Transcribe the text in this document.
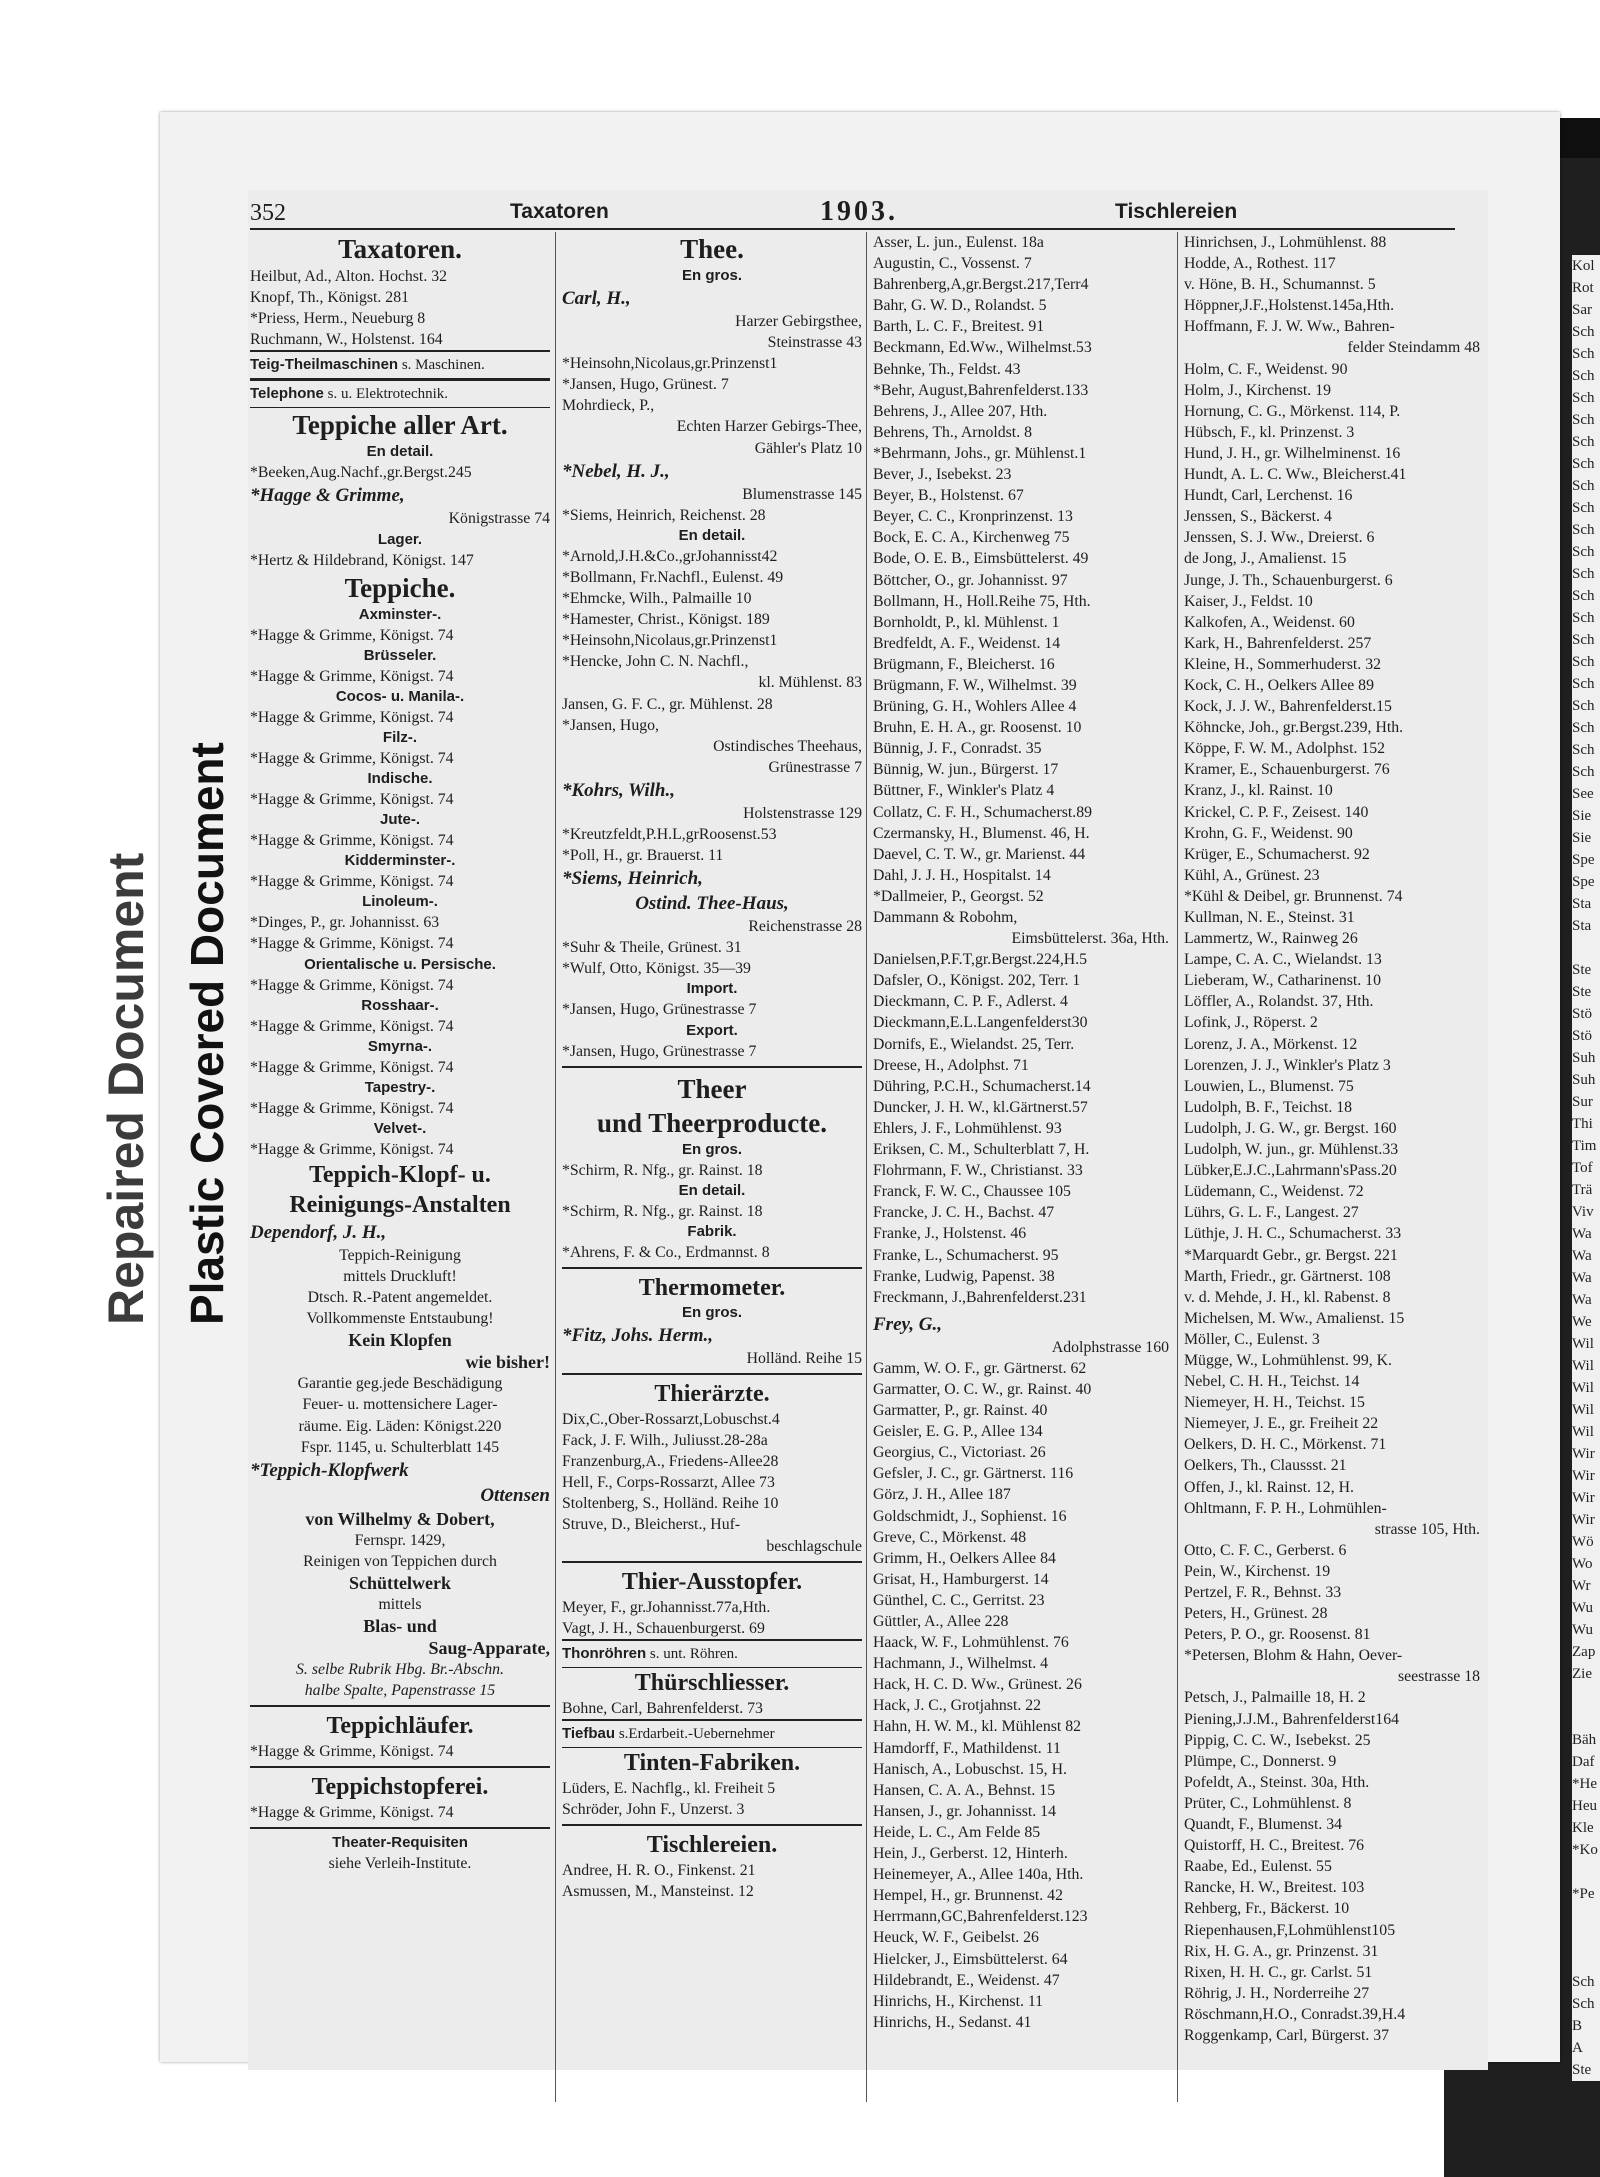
Repaired Document Plastic Covered Document
352	Taxatoren	1903.	Tischlereien
Taxatoren.
Heilbut, Ad., Alton. Hochst. 32
Knopf, Th., Königst. 281
*Priess, Herm., Neueburg 8
Ruchmann, W., Holstenst. 164
Teig-Theilmaschinen s. Maschinen.
Telephone s. u. Elektrotechnik.
Teppiche aller Art.
En detail.
*Beeken,Aug.Nachf.,gr.Bergst.245
*Hagge & Grimme,
Königstrasse 74
Lager.
*Hertz & Hildebrand, Königst. 147
Teppiche.
Axminster-.
*Hagge & Grimme, Königst. 74
Brüsseler.
*Hagge & Grimme, Königst. 74
Cocos- u. Manila-.
*Hagge & Grimme, Königst. 74
Filz-.
*Hagge & Grimme, Königst. 74
Indische.
*Hagge & Grimme, Königst. 74
Jute-.
*Hagge & Grimme, Königst. 74
Kidderminster-.
*Hagge & Grimme, Königst. 74
Linoleum-.
*Dinges, P., gr. Johannisst. 63
*Hagge & Grimme, Königst. 74
Orientalische u. Persische.
*Hagge & Grimme, Königst. 74
Rosshaar-.
*Hagge & Grimme, Königst. 74
Smyrna-.
*Hagge & Grimme, Königst. 74
Tapestry-.
*Hagge & Grimme, Königst. 74
Velvet-.
*Hagge & Grimme, Königst. 74
Teppich-Klopf- u.
Reinigungs-Anstalten
Dependorf, J. H.,
Teppich-Reinigung
mittels Druckluft!
Dtsch. R.-Patent angemeldet.
Vollkommenste Entstaubung!
Kein Klopfen
wie bisher!
Garantie geg.jede Beschädigung
Feuer- u. mottensichere Lager-
räume. Eig. Läden: Königst.220
Fspr. 1145, u. Schulterblatt 145
*Teppich-Klopfwerk
Ottensen
von Wilhelmy & Dobert,
Fernspr. 1429,
Reinigen von Teppichen durch
Schüttelwerk
mittels
Blas- und
Saug-Apparate,
S. selbe Rubrik Hbg. Br.-Abschn.
halbe Spalte, Papenstrasse 15
Teppichläufer.
*Hagge & Grimme, Königst. 74
Teppichstopferei.
*Hagge & Grimme, Königst. 74
Theater-Requisiten
siehe Verleih-Institute.
Thee.
En gros.
Carl, H.,
Harzer Gebirgsthee,
Steinstrasse 43
*Heinsohn,Nicolaus,gr.Prinzenst1
*Jansen, Hugo, Grünest. 7
Mohrdieck, P.,
Echten Harzer Gebirgs-Thee,
Gähler's Platz 10
*Nebel, H. J.,
Blumenstrasse 145
*Siems, Heinrich, Reichenst. 28
En detail.
*Arnold,J.H.&Co.,grJohannisst42
*Bollmann, Fr.Nachfl., Eulenst. 49
*Ehmcke, Wilh., Palmaille 10
*Hamester, Christ., Königst. 189
*Heinsohn,Nicolaus,gr.Prinzenst1
*Hencke, John C. N. Nachfl.,
kl. Mühlenst. 83
Jansen, G. F. C., gr. Mühlenst. 28
*Jansen, Hugo,
Ostindisches Theehaus,
Grünestrasse 7
*Kohrs, Wilh.,
Holstenstrasse 129
*Kreutzfeldt,P.H.L,grRoosenst.53
*Poll, H., gr. Brauerst. 11
*Siems, Heinrich,
Ostind. Thee-Haus,
Reichenstrasse 28
*Suhr & Theile, Grünest. 31
*Wulf, Otto, Königst. 35—39
Import.
*Jansen, Hugo, Grünestrasse 7
Export.
*Jansen, Hugo, Grünestrasse 7
Theer
und Theerproducte.
En gros.
*Schirm, R. Nfg., gr. Rainst. 18
En detail.
*Schirm, R. Nfg., gr. Rainst. 18
Fabrik.
*Ahrens, F. & Co., Erdmannst. 8
Thermometer.
En gros.
*Fitz, Johs. Herm.,
Holländ. Reihe 15
Thierärzte.
Dix,C.,Ober-Rossarzt,Lobuschst.4
Fack, J. F. Wilh., Juliusst.28-28a
Franzenburg,A., Friedens-Allee28
Hell, F., Corps-Rossarzt, Allee 73
Stoltenberg, S., Holländ. Reihe 10
Struve, D., Bleicherst., Huf-
beschlagschule
Thier-Ausstopfer.
Meyer, F., gr.Johannisst.77a,Hth.
Vagt, J. H., Schauenburgerst. 69
Thonröhren s. unt. Röhren.
Thürschliesser.
Bohne, Carl, Bahrenfelderst. 73
Tiefbau s.Erdarbeit.-Uebernehmer
Tinten-Fabriken.
Lüders, E. Nachflg., kl. Freiheit 5
Schröder, John F., Unzerst. 3
Tischlereien.
Andree, H. R. O., Finkenst. 21
Asmussen, M., Mansteinst. 12
Asser, L. jun., Eulenst. 18a
Augustin, C., Vossenst. 7
Bahrenberg,A,gr.Bergst.217,Terr4
Bahr, G. W. D., Rolandst. 5
Barth, L. C. F., Breitest. 91
Beckmann, Ed.Ww., Wilhelmst.53
Behnke, Th., Feldst. 43
*Behr, August,Bahrenfelderst.133
Behrens, J., Allee 207, Hth.
Behrens, Th., Arnoldst. 8
*Behrmann, Johs., gr. Mühlenst.1
Bever, J., Isebekst. 23
Beyer, B., Holstenst. 67
Beyer, C. C., Kronprinzenst. 13
Bock, E. C. A., Kirchenweg 75
Bode, O. E. B., Eimsbüttelerst. 49
Böttcher, O., gr. Johannisst. 97
Bollmann, H., Holl.Reihe 75, Hth.
Bornholdt, P., kl. Mühlenst. 1
Bredfeldt, A. F., Weidenst. 14
Brügmann, F., Bleicherst. 16
Brügmann, F. W., Wilhelmst. 39
Brüning, G. H., Wohlers Allee 4
Bruhn, E. H. A., gr. Roosenst. 10
Bünnig, J. F., Conradst. 35
Bünnig, W. jun., Bürgerst. 17
Büttner, F., Winkler's Platz 4
Collatz, C. F. H., Schumacherst.89
Czermansky, H., Blumenst. 46, H.
Daevel, C. T. W., gr. Marienst. 44
Dahl, J. J. H., Hospitalst. 14
*Dallmeier, P., Georgst. 52
Dammann & Robohm,
Eimsbüttelerst. 36a, Hth.
Danielsen,P.F.T,gr.Bergst.224,H.5
Dafsler, O., Königst. 202, Terr. 1
Dieckmann, C. P. F., Adlerst. 4
Dieckmann,E.L.Langenfelderst30
Dornifs, E., Wielandst. 25, Terr.
Dreese, H., Adolphst. 71
Dühring, P.C.H., Schumacherst.14
Duncker, J. H. W., kl.Gärtnerst.57
Ehlers, J. F., Lohmühlenst. 93
Eriksen, C. M., Schulterblatt 7, H.
Flohrmann, F. W., Christianst. 33
Franck, F. W. C., Chaussee 105
Francke, J. C. H., Bachst. 47
Franke, J., Holstenst. 46
Franke, L., Schumacherst. 95
Franke, Ludwig, Papenst. 38
Freckmann, J.,Bahrenfelderst.231
Frey, G.,
Adolphstrasse 160
Gamm, W. O. F., gr. Gärtnerst. 62
Garmatter, O. C. W., gr. Rainst. 40
Garmatter, P., gr. Rainst. 40
Geisler, E. G. P., Allee 134
Georgius, C., Victoriast. 26
Gefsler, J. C., gr. Gärtnerst. 116
Görz, J. H., Allee 187
Goldschmidt, J., Sophienst. 16
Greve, C., Mörkenst. 48
Grimm, H., Oelkers Allee 84
Grisat, H., Hamburgerst. 14
Günthel, C. C., Gerritst. 23
Güttler, A., Allee 228
Haack, W. F., Lohmühlenst. 76
Hachmann, J., Wilhelmst. 4
Hack, H. C. D. Ww., Grünest. 26
Hack, J. C., Grotjahnst. 22
Hahn, H. W. M., kl. Mühlenst 82
Hamdorff, F., Mathildenst. 11
Hanisch, A., Lobuschst. 15, H.
Hansen, C. A. A., Behnst. 15
Hansen, J., gr. Johannisst. 14
Heide, L. C., Am Felde 85
Hein, J., Gerberst. 12, Hinterh.
Heinemeyer, A., Allee 140a, Hth.
Hempel, H., gr. Brunnenst. 42
Herrmann,GC,Bahrenfelderst.123
Heuck, W. F., Geibelst. 26
Hielcker, J., Eimsbüttelerst. 64
Hildebrandt, E., Weidenst. 47
Hinrichs, H., Kirchenst. 11
Hinrichs, H., Sedanst. 41
Hinrichsen, J., Lohmühlenst. 88
Hodde, A., Rothest. 117
v. Höne, B. H., Schumannst. 5
Höppner,J.F.,Holstenst.145a,Hth.
Hoffmann, F. J. W. Ww., Bahren-
felder Steindamm 48
Holm, C. F., Weidenst. 90
Holm, J., Kirchenst. 19
Hornung, C. G., Mörkenst. 114, P.
Hübsch, F., kl. Prinzenst. 3
Hund, J. H., gr. Wilhelminenst. 16
Hundt, A. L. C. Ww., Bleicherst.41
Hundt, Carl, Lerchenst. 16
Jenssen, S., Bäckerst. 4
Jenssen, S. J. Ww., Dreierst. 6
de Jong, J., Amalienst. 15
Junge, J. Th., Schauenburgerst. 6
Kaiser, J., Feldst. 10
Kalkofen, A., Weidenst. 60
Kark, H., Bahrenfelderst. 257
Kleine, H., Sommerhuderst. 32
Kock, C. H., Oelkers Allee 89
Kock, J. J. W., Bahrenfelderst.15
Köhncke, Joh., gr.Bergst.239, Hth.
Köppe, F. W. M., Adolphst. 152
Kramer, E., Schauenburgerst. 76
Kranz, J., kl. Rainst. 10
Krickel, C. P. F., Zeisest. 140
Krohn, G. F., Weidenst. 90
Krüger, E., Schumacherst. 92
Kühl, A., Grünest. 23
*Kühl & Deibel, gr. Brunnenst. 74
Kullman, N. E., Steinst. 31
Lammertz, W., Rainweg 26
Lampe, C. A. C., Wielandst. 13
Lieberam, W., Catharinenst. 10
Löffler, A., Rolandst. 37, Hth.
Lofink, J., Röperst. 2
Lorenz, J. A., Mörkenst. 12
Lorenzen, J. J., Winkler's Platz 3
Louwien, L., Blumenst. 75
Ludolph, B. F., Teichst. 18
Ludolph, J. G. W., gr. Bergst. 160
Ludolph, W. jun., gr. Mühlenst.33
Lübker,E.J.C.,Lahrmann'sPass.20
Lüdemann, C., Weidenst. 72
Lührs, G. L. F., Langest. 27
Lüthje, J. H. C., Schumacherst. 33
*Marquardt Gebr., gr. Bergst. 221
Marth, Friedr., gr. Gärtnerst. 108
v. d. Mehde, J. H., kl. Rabenst. 8
Michelsen, M. Ww., Amalienst. 15
Möller, C., Eulenst. 3
Mügge, W., Lohmühlenst. 99, K.
Nebel, C. H. H., Teichst. 14
Niemeyer, H. H., Teichst. 15
Niemeyer, J. E., gr. Freiheit 22
Oelkers, D. H. C., Mörkenst. 71
Oelkers, Th., Claussst. 21
Offen, J., kl. Rainst. 12, H.
Ohltmann, F. P. H., Lohmühlen-
strasse 105, Hth.
Otto, C. F. C., Gerberst. 6
Pein, W., Kirchenst. 19
Pertzel, F. R., Behnst. 33
Peters, H., Grünest. 28
Peters, P. O., gr. Roosenst. 81
*Petersen, Blohm & Hahn, Oever-
seestrasse 18
Petsch, J., Palmaille 18, H. 2
Piening,J.J.M., Bahrenfelderst164
Pippig, C. C. W., Isebekst. 25
Plümpe, C., Donnerst. 9
Pofeldt, A., Steinst. 30a, Hth.
Prüter, C., Lohmühlenst. 8
Quandt, F., Blumenst. 34
Quistorff, H. C., Breitest. 76
Raabe, Ed., Eulenst. 55
Rancke, H. W., Breitest. 103
Rehberg, Fr., Bäckerst. 10
Riepenhausen,F,Lohmühlenst105
Rix, H. G. A., gr. Prinzenst. 31
Rixen, H. H. C., gr. Carlst. 51
Röhrig, J. H., Norderreihe 27
Röschmann,H.O., Conradst.39,H.4
Roggenkamp, Carl, Bürgerst. 37
Kol
Rot
Sar
Sch
Sch
Sch
Sch
Sch
Sch
Sch
Sch
Sch
Sch
Sch
Sch
Sch
Sch
Sch
Sch
Sch
Sch
Sch
Sch
Sch
See
Sie
Sie
Spe
Spe
Sta
Sta
Ste
Ste
Stö
Stö
Suh
Suh
Sur
Thi
Tim
Tof
Trä
Viv
Wa
Wa
Wa
Wa
We
Wil
Wil
Wil
Wil
Wil
Wir
Wir
Wir
Wir
Wö
Wo
Wr
Wu
Wu
Zap
Zie
Bäh
Daf
*He
Heu
Kle
*Ko
*Pe
Sch
Sch
B
A
Ste
